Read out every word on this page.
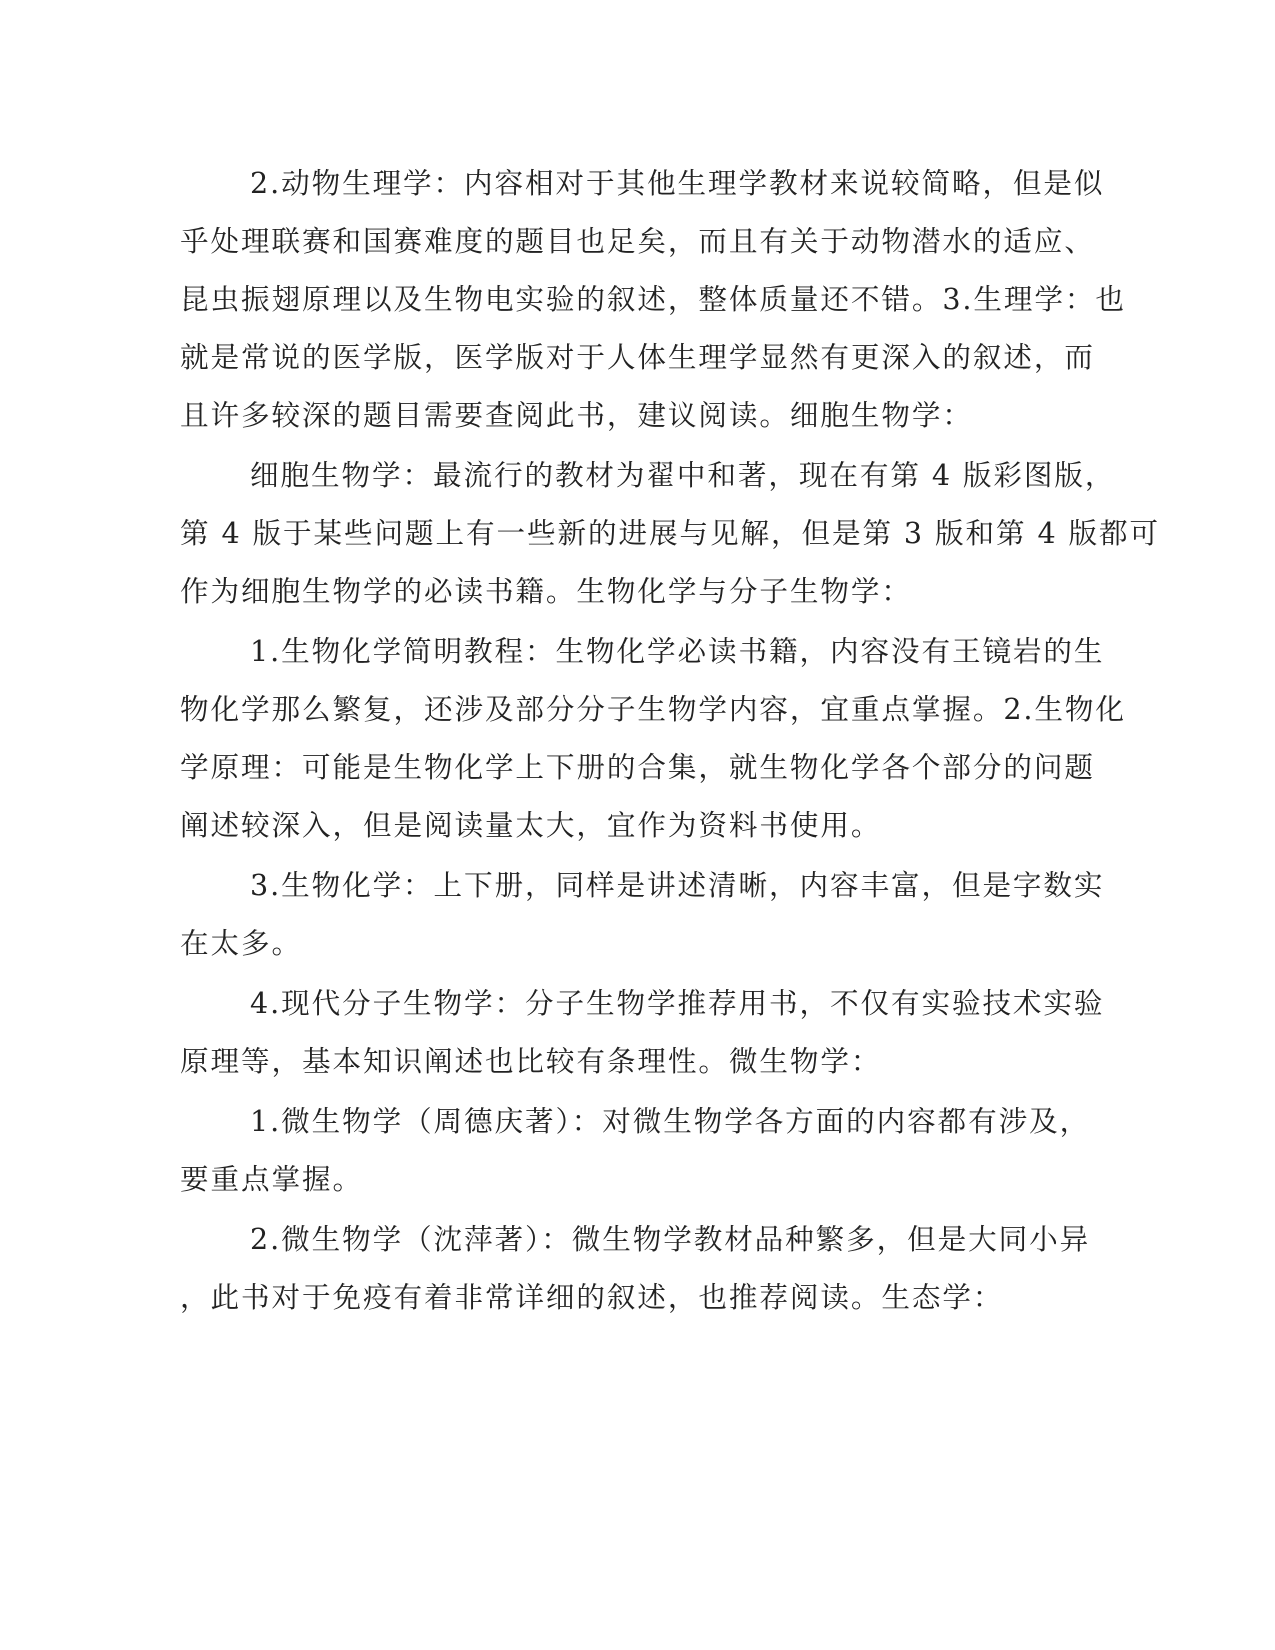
2.动物生理学：内容相对于其他生理学教材来说较简略，但是似
乎处理联赛和国赛难度的题目也足矣，而且有关于动物潜水的适应、
昆虫振翅原理以及生物电实验的叙述，整体质量还不错。3.生理学：也
就是常说的医学版，医学版对于人体生理学显然有更深入的叙述，而
且许多较深的题目需要查阅此书，建议阅读。细胞生物学：
细胞生物学：最流行的教材为翟中和著，现在有第 4 版彩图版，
第 4 版于某些问题上有一些新的进展与见解，但是第 3 版和第 4 版都可
作为细胞生物学的必读书籍。生物化学与分子生物学：
1.生物化学简明教程：生物化学必读书籍，内容没有王镜岩的生
物化学那么繁复，还涉及部分分子生物学内容，宜重点掌握。2.生物化
学原理：可能是生物化学上下册的合集，就生物化学各个部分的问题
阐述较深入，但是阅读量太大，宜作为资料书使用。
3.生物化学：上下册，同样是讲述清晰，内容丰富，但是字数实
在太多。
4.现代分子生物学：分子生物学推荐用书，不仅有实验技术实验
原理等，基本知识阐述也比较有条理性。微生物学：
1.微生物学（周德庆著）：对微生物学各方面的内容都有涉及，
要重点掌握。
2.微生物学（沈萍著）：微生物学教材品种繁多，但是大同小异
，此书对于免疫有着非常详细的叙述，也推荐阅读。生态学：
